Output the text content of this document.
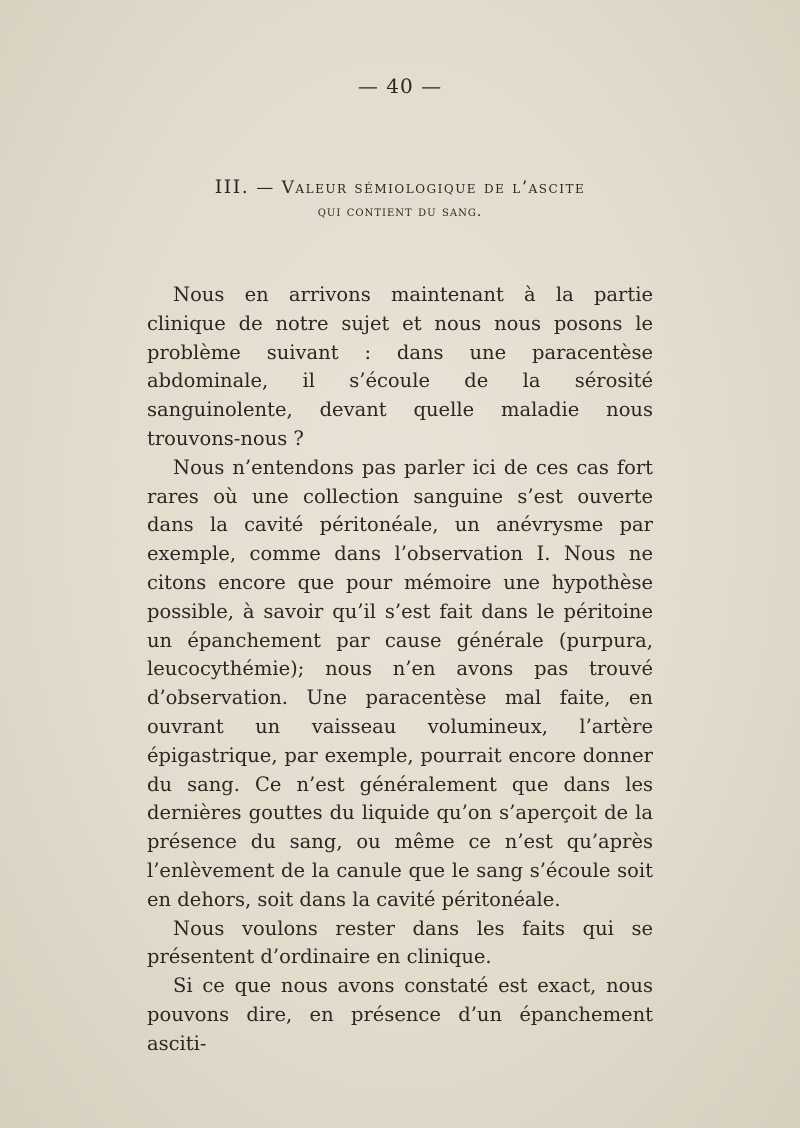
— 40 —
III. — Valeur sémiologique de l’ascite
qui contient du sang.

Nous en arrivons maintenant à la partie clinique de notre sujet et nous nous posons le problème suivant : dans une paracentèse abdominale, il s’écoule de la sérosité sanguinolente, devant quelle maladie nous trouvons-nous ?

Nous n’entendons pas parler ici de ces cas fort rares où une collection sanguine s’est ouverte dans la cavité péritonéale, un anévrysme par exemple, comme dans l’observation I. Nous ne citons encore que pour mémoire une hypothèse possible, à savoir qu’il s’est fait dans le péritoine un épanchement par cause générale (purpura, leucocythémie); nous n’en avons pas trouvé d’observation. Une paracentèse mal faite, en ouvrant un vaisseau volumineux, l’artère épigastrique, par exemple, pourrait encore donner du sang. Ce n’est généralement que dans les dernières gouttes du liquide qu’on s’aperçoit de la présence du sang, ou même ce n’est qu’après l’enlèvement de la canule que le sang s’écoule soit en dehors, soit dans la cavité péritonéale.

Nous voulons rester dans les faits qui se présentent d’ordinaire en clinique.

Si ce que nous avons constaté est exact, nous pouvons dire, en présence d’un épanchement asciti-
